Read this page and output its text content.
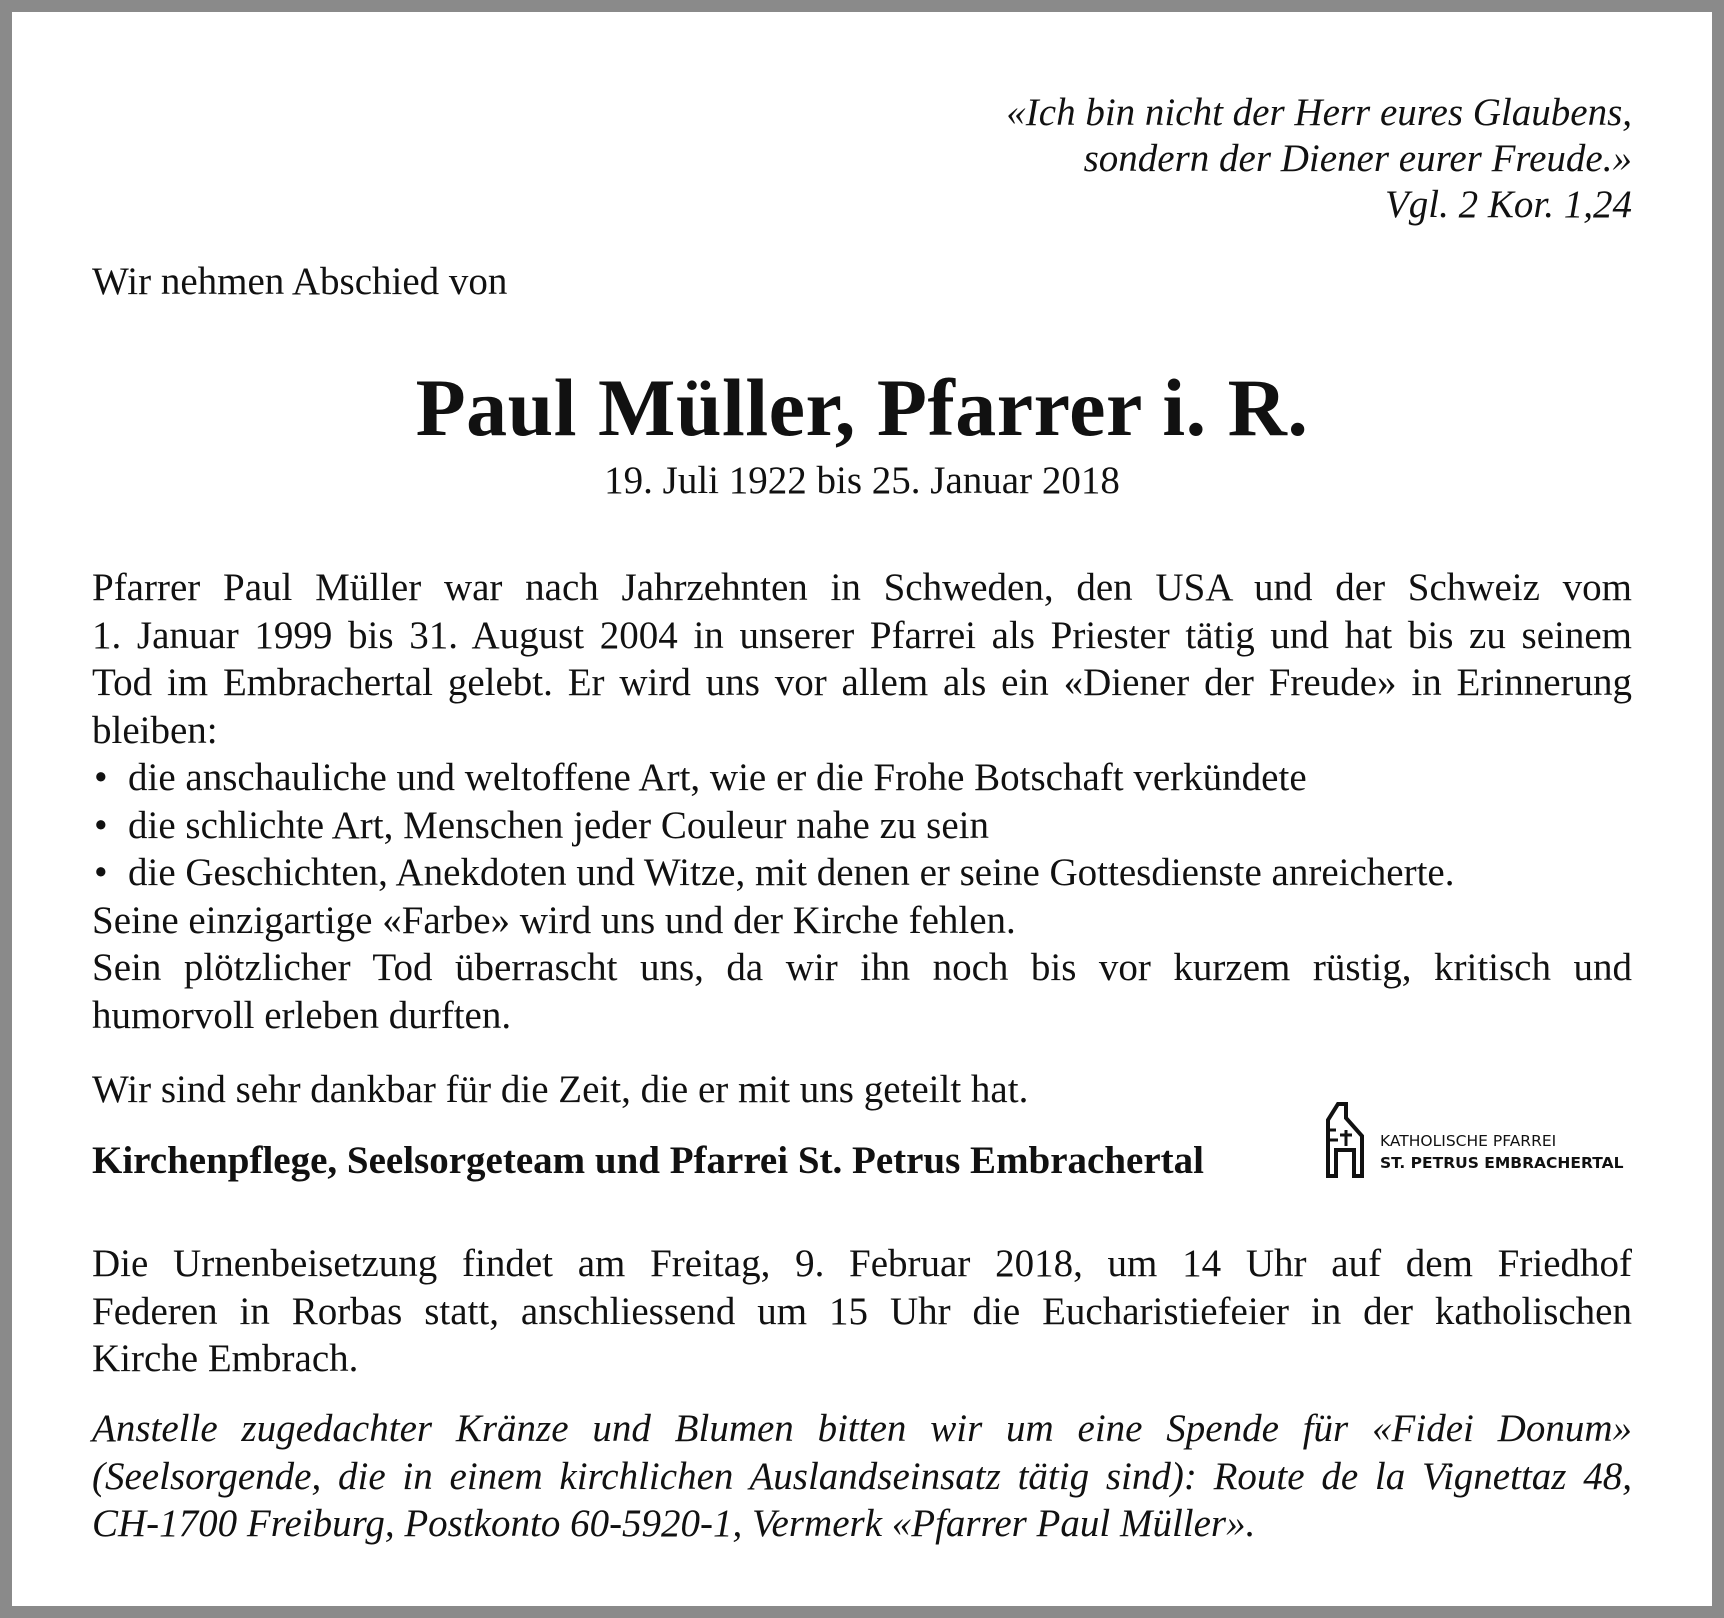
«Ich bin nicht der Herr eures Glaubens,
sondern der Diener eurer Freude.»
Vgl. 2 Kor. 1,24
Wir nehmen Abschied von
Paul Müller, Pfarrer i. R.
19. Juli 1922 bis 25. Januar 2018
Pfarrer Paul Müller war nach Jahrzehnten in Schweden, den USA und der Schweiz vom
1. Januar 1999 bis 31. August 2004 in unserer Pfarrei als Priester tätig und hat bis zu seinem
Tod im Embrachertal gelebt. Er wird uns vor allem als ein «Diener der Freude» in Erinnerung
bleiben:
• die anschauliche und weltoffene Art, wie er die Frohe Botschaft verkündete
• die schlichte Art, Menschen jeder Couleur nahe zu sein
• die Geschichten, Anekdoten und Witze, mit denen er seine Gottesdienste anreicherte.
Seine einzigartige «Farbe» wird uns und der Kirche fehlen.
Sein plötzlicher Tod überrascht uns, da wir ihn noch bis vor kurzem rüstig, kritisch und
humorvoll erleben durften.
Wir sind sehr dankbar für die Zeit, die er mit uns geteilt hat.
Kirchenpflege, Seelsorgeteam und Pfarrei St. Petrus Embrachertal	KATHOLISCHE PFARREI
ST. PETRUS EMBRACHERTAL
Die Urnenbeisetzung findet am Freitag, 9. Februar 2018, um 14 Uhr auf dem Friedhof
Federen in Rorbas statt, anschliessend um 15 Uhr die Eucharistiefeier in der katholischen
Kirche Embrach.
Anstelle zugedachter Kränze und Blumen bitten wir um eine Spende für «Fidei Donum»
(Seelsorgende, die in einem kirchlichen Auslandseinsatz tätig sind): Route de la Vignettaz 48,
CH-1700 Freiburg, Postkonto 60-5920-1, Vermerk «Pfarrer Paul Müller».
